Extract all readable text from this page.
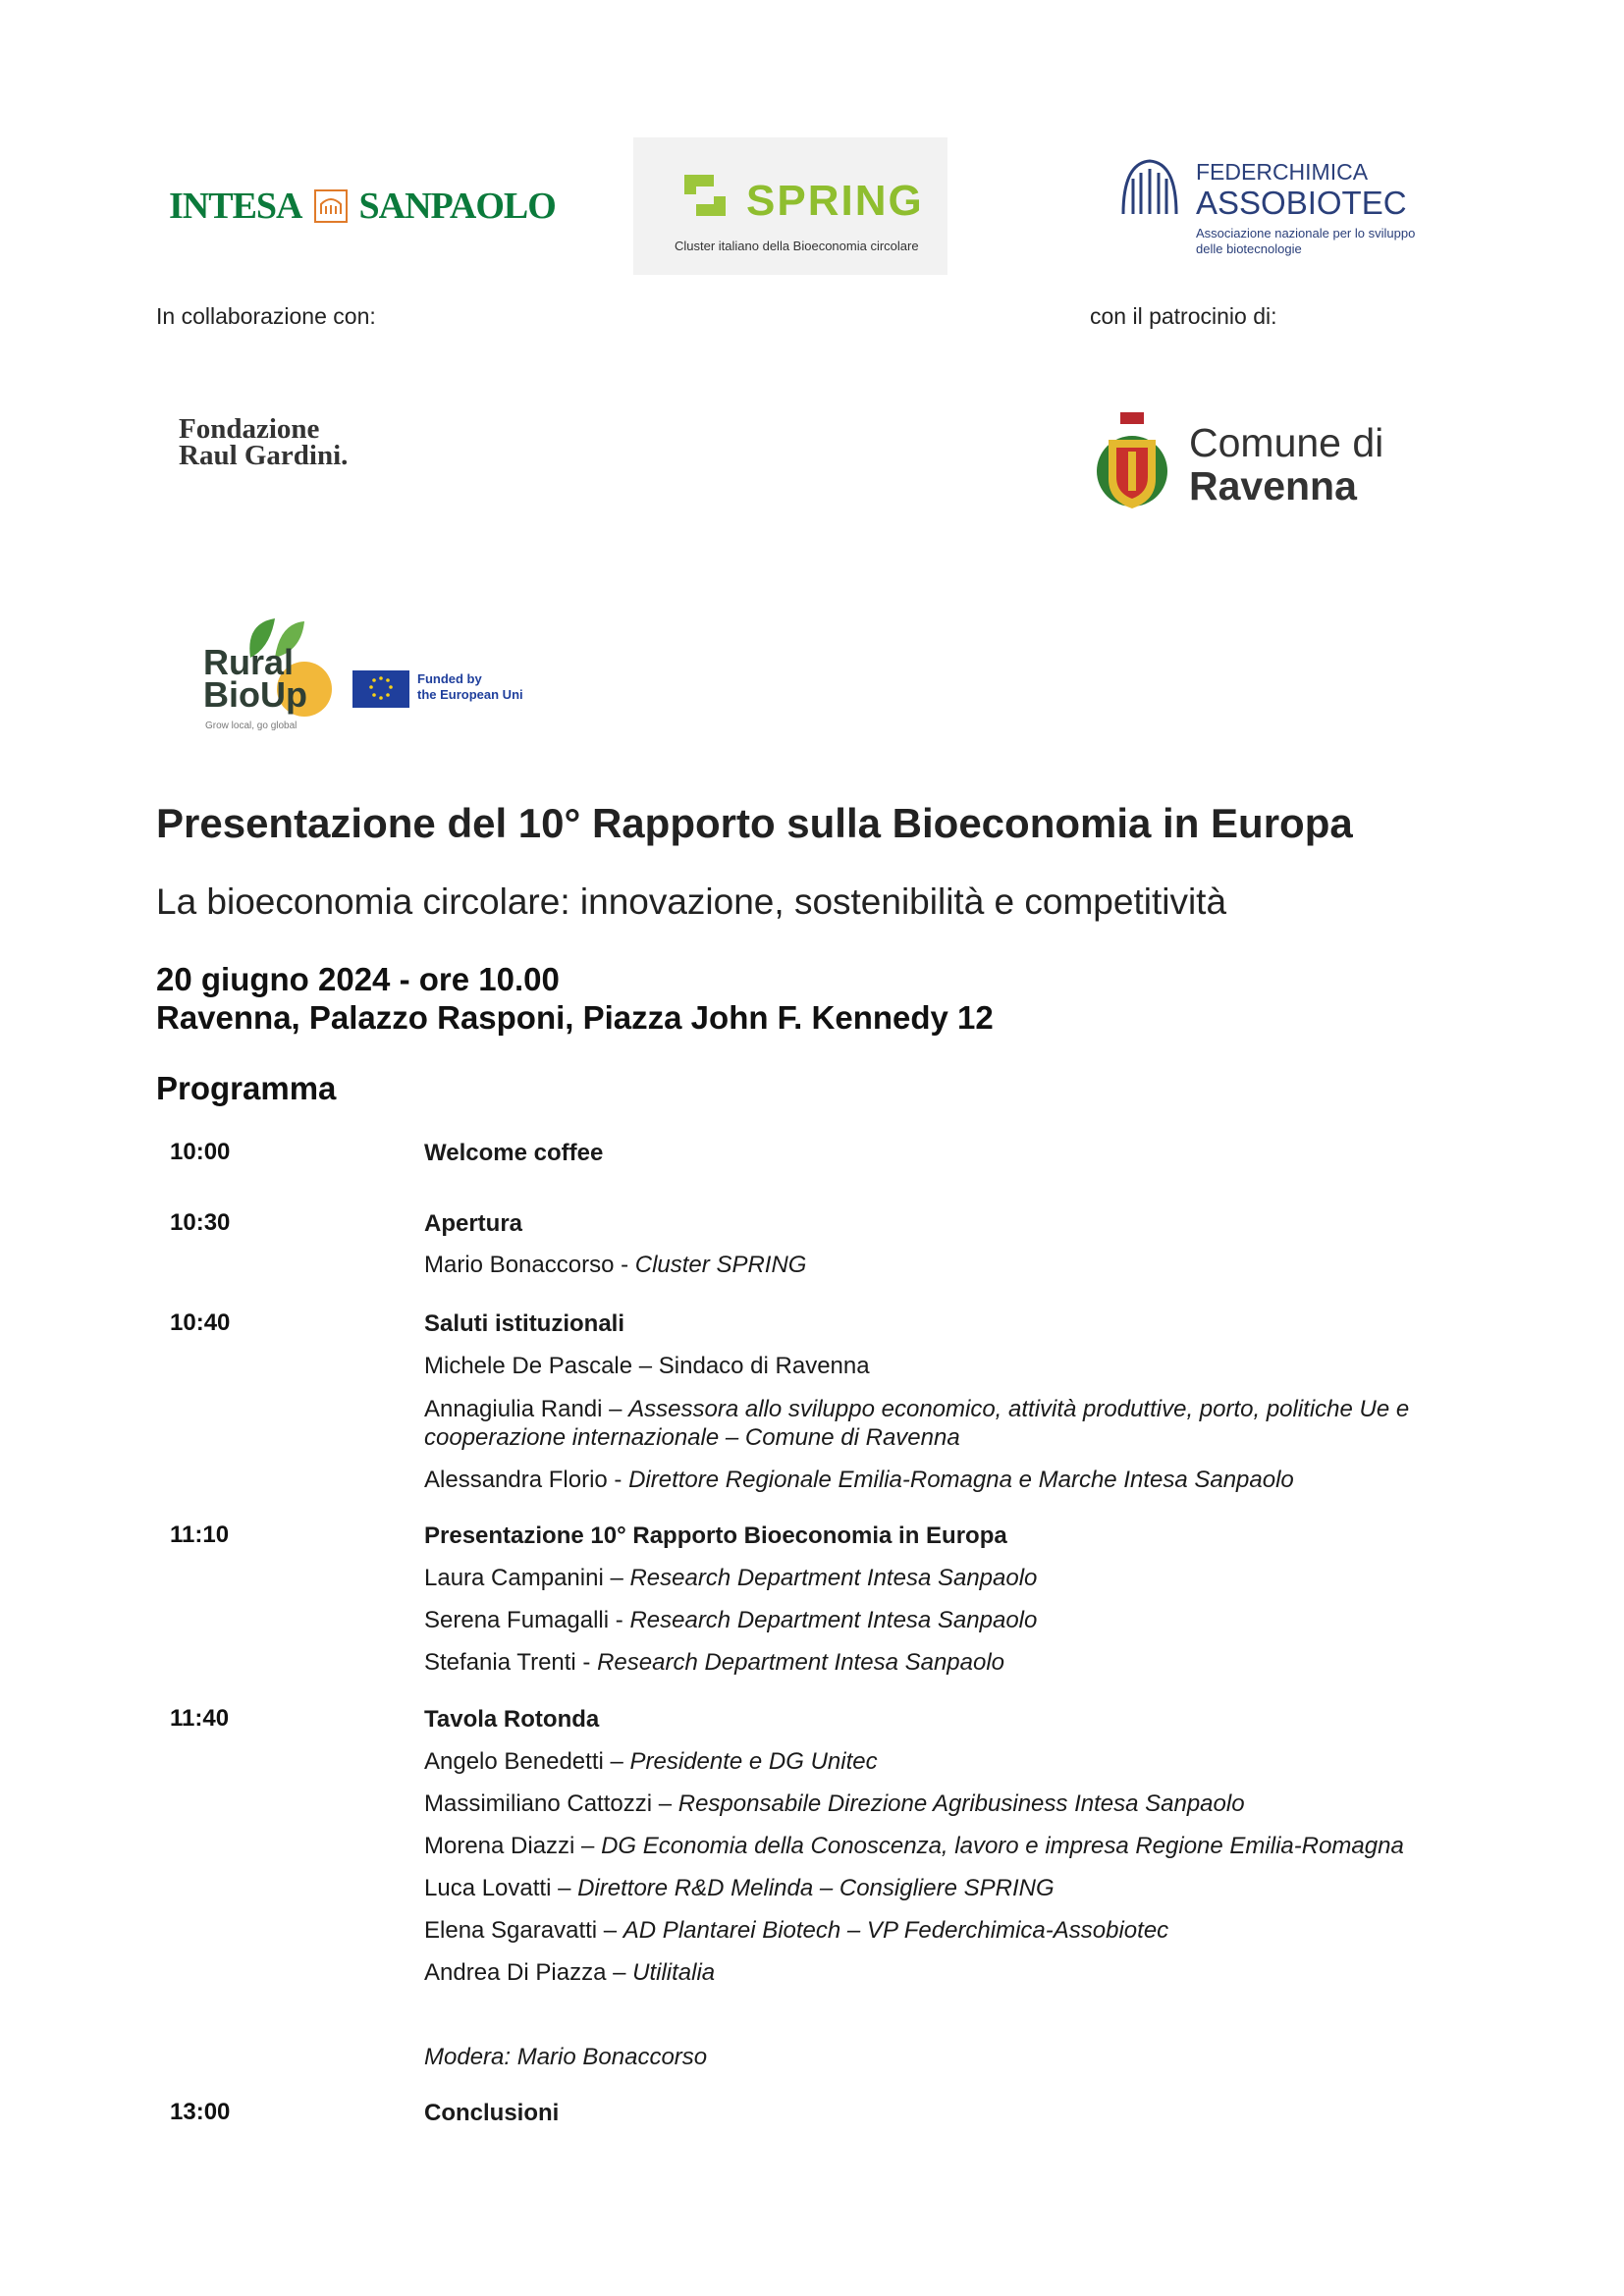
INTESA SANPAOLO	SPRING
Cluster italiano della Bioeconomia circolare
FEDERCHIMICA
ASSOBIOTEC
Associazione nazionale per lo sviluppo
delle biotecnologie
In collaborazione con:	con il patrocinio di:
Fondazione
Raul Gardini.	Comune di
Ravenna
Rural
BioUp
Grow local, go global
Funded by
the European Uni
Presentazione del 10° Rapporto sulla Bioeconomia in Europa
La bioeconomia circolare: innovazione, sostenibilità e competitività
20 giugno 2024 - ore 10.00
Ravenna, Palazzo Rasponi, Piazza John F. Kennedy 12
Programma
10:00	Welcome coffee
10:30	Apertura
Mario Bonaccorso - Cluster SPRING
10:40	Saluti istituzionali
Michele De Pascale – Sindaco di Ravenna
Annagiulia Randi – Assessora allo sviluppo economico, attività produttive, porto, politiche Ue e cooperazione internazionale – Comune di Ravenna
Alessandra Florio - Direttore Regionale Emilia-Romagna e Marche Intesa Sanpaolo
11:10	Presentazione 10° Rapporto Bioeconomia in Europa
Laura Campanini – Research Department Intesa Sanpaolo
Serena Fumagalli - Research Department Intesa Sanpaolo
Stefania Trenti - Research Department Intesa Sanpaolo
11:40	Tavola Rotonda
Angelo Benedetti – Presidente e DG Unitec
Massimiliano Cattozzi – Responsabile Direzione Agribusiness Intesa Sanpaolo
Morena Diazzi – DG Economia della Conoscenza, lavoro e impresa Regione Emilia-Romagna
Luca Lovatti – Direttore R&D Melinda – Consigliere SPRING
Elena Sgaravatti – AD Plantarei Biotech – VP Federchimica-Assobiotec
Andrea Di Piazza – Utilitalia
Modera: Mario Bonaccorso
13:00	Conclusioni
